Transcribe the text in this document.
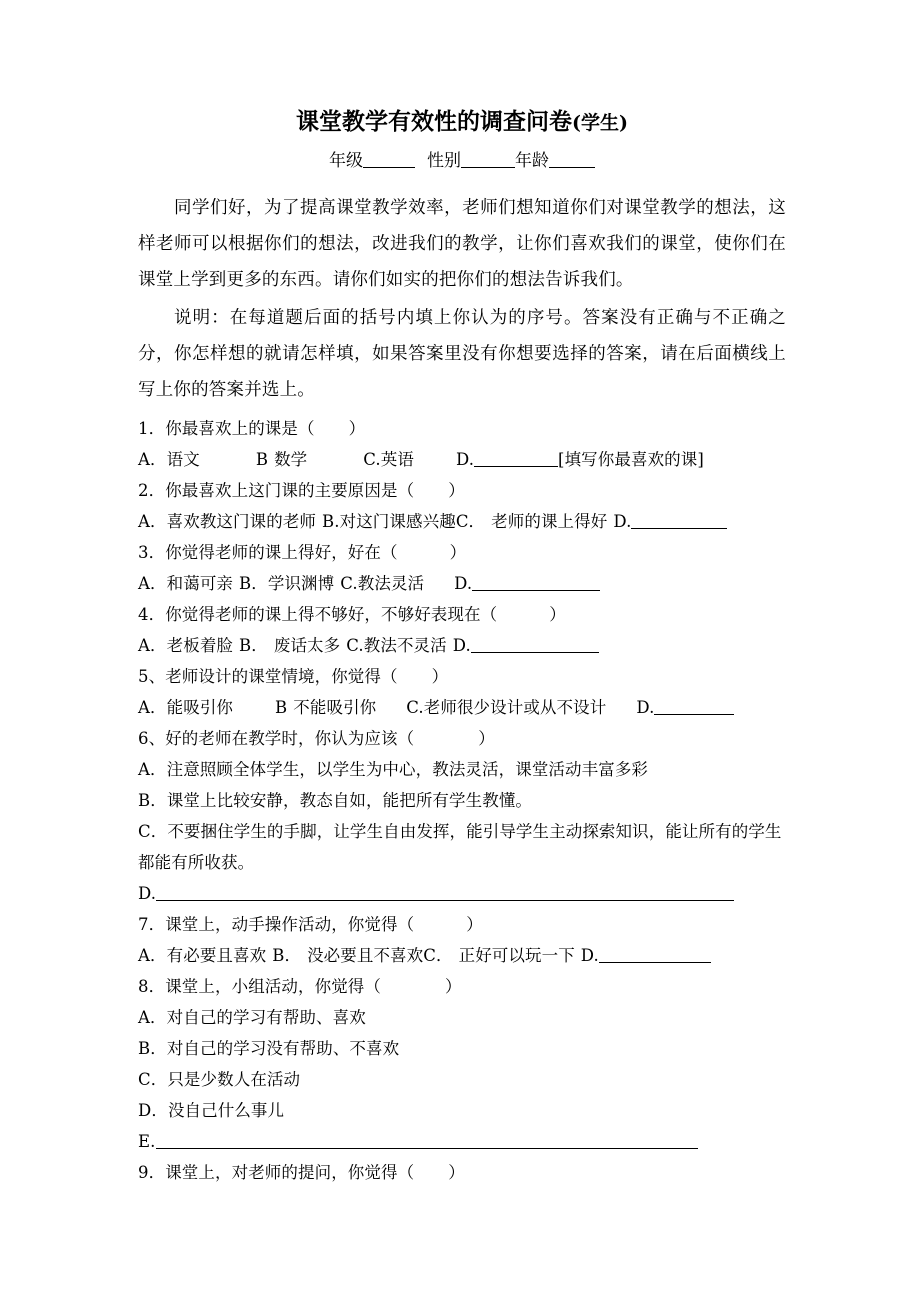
课堂教学有效性的调查问卷(学生)
年级	性别	年龄

同学们好，为了提高课堂教学效率，老师们想知道你们对课堂教学的想法，这样老师可以根据你们的想法，改进我们的教学，让你们喜欢我们的课堂，使你们在课堂上学到更多的东西。请你们如实的把你们的想法告诉我们。

说明：在每道题后面的括号内填上你认为的序号。答案没有正确与不正确之分，你怎样想的就请怎样填，如果答案里没有你想要选择的答案，请在后面横线上写上你的答案并选上。

1．你最喜欢上的课是（ ）
A．语文	B 数学	C.英语	D.	[填写你最喜欢的课]
2．你最喜欢上这门课的主要原因是（ ）
A．喜欢教这门课的老师 B.对这门课感兴趣C． 老师的课上得好 D.
3．你觉得老师的课上得好，好在（	）
A．和蔼可亲 B．学识渊博 C.教法灵活 D.
4．你觉得老师的课上得不够好，不够好表现在（	）
A．老板着脸 B． 废话太多 C.教法不灵活 D.
5、老师设计的课堂情境，你觉得（ ）
A．能吸引你	B 不能吸引你 C.老师很少设计或从不设计 D.
6、好的老师在教学时，你认为应该（	）
A．注意照顾全体学生，以学生为中心，教法灵活，课堂活动丰富多彩
B．课堂上比较安静，教态自如，能把所有学生教懂。
C．不要捆住学生的手脚，让学生自由发挥，能引导学生主动探索知识，能让所有的学生都能有所收获。
D.
7．课堂上，动手操作活动，你觉得（	）
A．有必要且喜欢 B． 没必要且不喜欢C． 正好可以玩一下 D.
8．课堂上，小组活动，你觉得（	）
A．对自己的学习有帮助、喜欢
B．对自己的学习没有帮助、不喜欢
C．只是少数人在活动
D．没自己什么事儿
E.
9．课堂上，对老师的提问，你觉得（ ）
